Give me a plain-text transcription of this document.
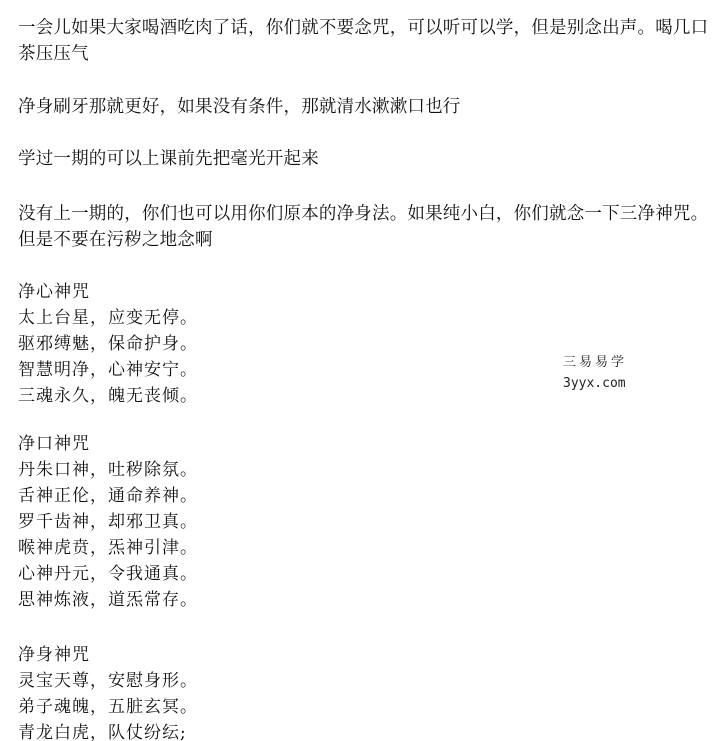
一会儿如果大家喝酒吃肉了话，你们就不要念咒，可以听可以学，但是别念出声。喝几口茶压压气
净身刷牙那就更好，如果没有条件，那就清水漱漱口也行
学过一期的可以上课前先把毫光开起来
没有上一期的，你们也可以用你们原本的净身法。如果纯小白，你们就念一下三净神咒。但是不要在污秽之地念啊
净心神咒
太上台星，应变无停。
驱邪缚魅，保命护身。
智慧明净，心神安宁。
三魂永久，魄无丧倾。
净口神咒
丹朱口神，吐秽除氛。
舌神正伦，通命养神。
罗千齿神，却邪卫真。
喉神虎贲，炁神引津。
心神丹元，令我通真。
思神炼液，道炁常存。
净身神咒
灵宝天尊，安慰身形。
弟子魂魄，五脏玄冥。
青龙白虎，队仗纷纭;
三易易学
3yyx.com
